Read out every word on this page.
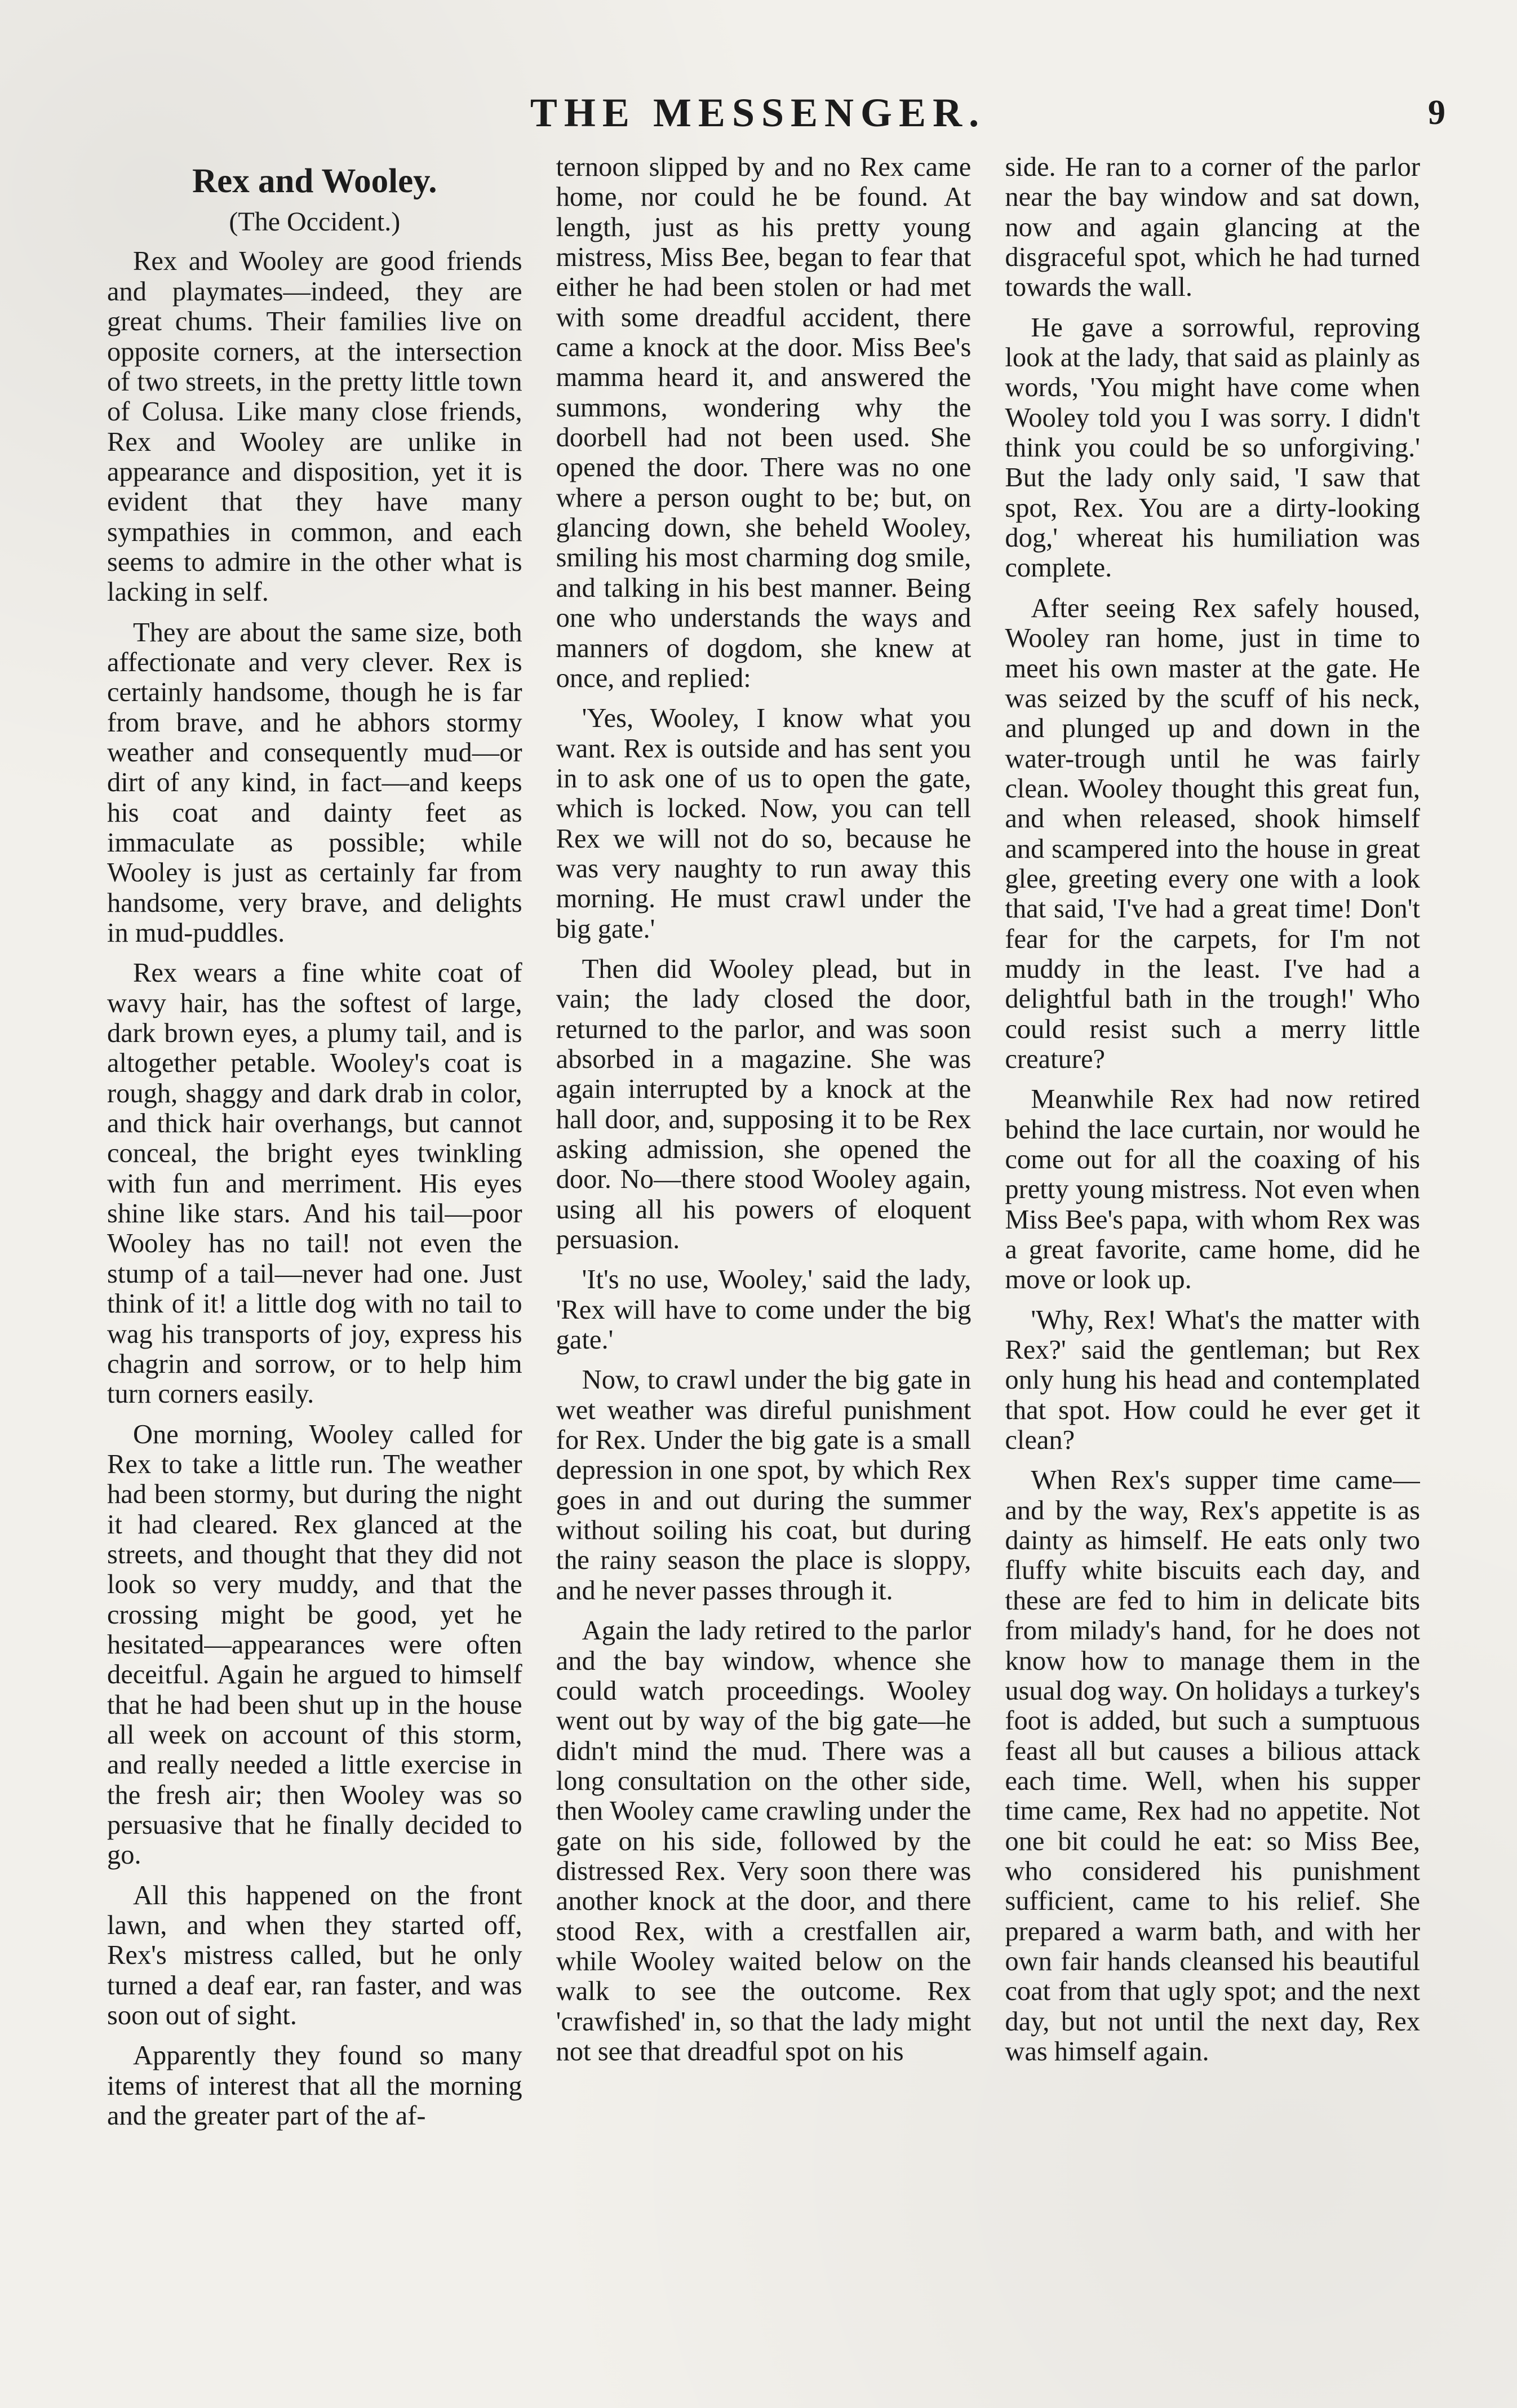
THE MESSENGER.	9
Rex and Wooley.
(The Occident.)

Rex and Wooley are good friends and playmates—indeed, they are great chums. Their families live on opposite corners, at the intersection of two streets, in the pretty little town of Colusa. Like many close friends, Rex and Wooley are unlike in appearance and disposition, yet it is evident that they have many sympathies in common, and each seems to admire in the other what is lacking in self.

They are about the same size, both affectionate and very clever. Rex is certainly handsome, though he is far from brave, and he abhors stormy weather and consequently mud—or dirt of any kind, in fact—and keeps his coat and dainty feet as immaculate as possible; while Wooley is just as certainly far from handsome, very brave, and delights in mud-puddles.

Rex wears a fine white coat of wavy hair, has the softest of large, dark brown eyes, a plumy tail, and is altogether petable. Wooley's coat is rough, shaggy and dark drab in color, and thick hair overhangs, but cannot conceal, the bright eyes twinkling with fun and merriment. His eyes shine like stars. And his tail—poor Wooley has no tail! not even the stump of a tail—never had one. Just think of it! a little dog with no tail to wag his transports of joy, express his chagrin and sorrow, or to help him turn corners easily.

One morning, Wooley called for Rex to take a little run. The weather had been stormy, but during the night it had cleared. Rex glanced at the streets, and thought that they did not look so very muddy, and that the crossing might be good, yet he hesitated—appearances were often deceitful. Again he argued to himself that he had been shut up in the house all week on account of this storm, and really needed a little exercise in the fresh air; then Wooley was so persuasive that he finally decided to go.

All this happened on the front lawn, and when they started off, Rex's mistress called, but he only turned a deaf ear, ran faster, and was soon out of sight.

Apparently they found so many items of interest that all the morning and the greater part of the af-

ternoon slipped by and no Rex came home, nor could he be found. At length, just as his pretty young mistress, Miss Bee, began to fear that either he had been stolen or had met with some dreadful accident, there came a knock at the door. Miss Bee's mamma heard it, and answered the summons, wondering why the doorbell had not been used. She opened the door. There was no one where a person ought to be; but, on glancing down, she beheld Wooley, smiling his most charming dog smile, and talking in his best manner. Being one who understands the ways and manners of dogdom, she knew at once, and replied:

'Yes, Wooley, I know what you want. Rex is outside and has sent you in to ask one of us to open the gate, which is locked. Now, you can tell Rex we will not do so, because he was very naughty to run away this morning. He must crawl under the big gate.'

Then did Wooley plead, but in vain; the lady closed the door, returned to the parlor, and was soon absorbed in a magazine. She was again interrupted by a knock at the hall door, and, supposing it to be Rex asking admission, she opened the door. No—there stood Wooley again, using all his powers of eloquent persuasion.

'It's no use, Wooley,' said the lady, 'Rex will have to come under the big gate.'

Now, to crawl under the big gate in wet weather was direful punishment for Rex. Under the big gate is a small depression in one spot, by which Rex goes in and out during the summer without soiling his coat, but during the rainy season the place is sloppy, and he never passes through it.

Again the lady retired to the parlor and the bay window, whence she could watch proceedings. Wooley went out by way of the big gate—he didn't mind the mud. There was a long consultation on the other side, then Wooley came crawling under the gate on his side, followed by the distressed Rex. Very soon there was another knock at the door, and there stood Rex, with a crestfallen air, while Wooley waited below on the walk to see the outcome. Rex 'crawfished' in, so that the lady might not see that dreadful spot on his

side. He ran to a corner of the parlor near the bay window and sat down, now and again glancing at the disgraceful spot, which he had turned towards the wall.

He gave a sorrowful, reproving look at the lady, that said as plainly as words, 'You might have come when Wooley told you I was sorry. I didn't think you could be so unforgiving.' But the lady only said, 'I saw that spot, Rex. You are a dirty-looking dog,' whereat his humiliation was complete.

After seeing Rex safely housed, Wooley ran home, just in time to meet his own master at the gate. He was seized by the scuff of his neck, and plunged up and down in the water-trough until he was fairly clean. Wooley thought this great fun, and when released, shook himself and scampered into the house in great glee, greeting every one with a look that said, 'I've had a great time! Don't fear for the carpets, for I'm not muddy in the least. I've had a delightful bath in the trough!' Who could resist such a merry little creature?

Meanwhile Rex had now retired behind the lace curtain, nor would he come out for all the coaxing of his pretty young mistress. Not even when Miss Bee's papa, with whom Rex was a great favorite, came home, did he move or look up.

'Why, Rex! What's the matter with Rex?' said the gentleman; but Rex only hung his head and contemplated that spot. How could he ever get it clean?

When Rex's supper time came—and by the way, Rex's appetite is as dainty as himself. He eats only two fluffy white biscuits each day, and these are fed to him in delicate bits from milady's hand, for he does not know how to manage them in the usual dog way. On holidays a turkey's foot is added, but such a sumptuous feast all but causes a bilious attack each time. Well, when his supper time came, Rex had no appetite. Not one bit could he eat: so Miss Bee, who considered his punishment sufficient, came to his relief. She prepared a warm bath, and with her own fair hands cleansed his beautiful coat from that ugly spot; and the next day, but not until the next day, Rex was himself again.
